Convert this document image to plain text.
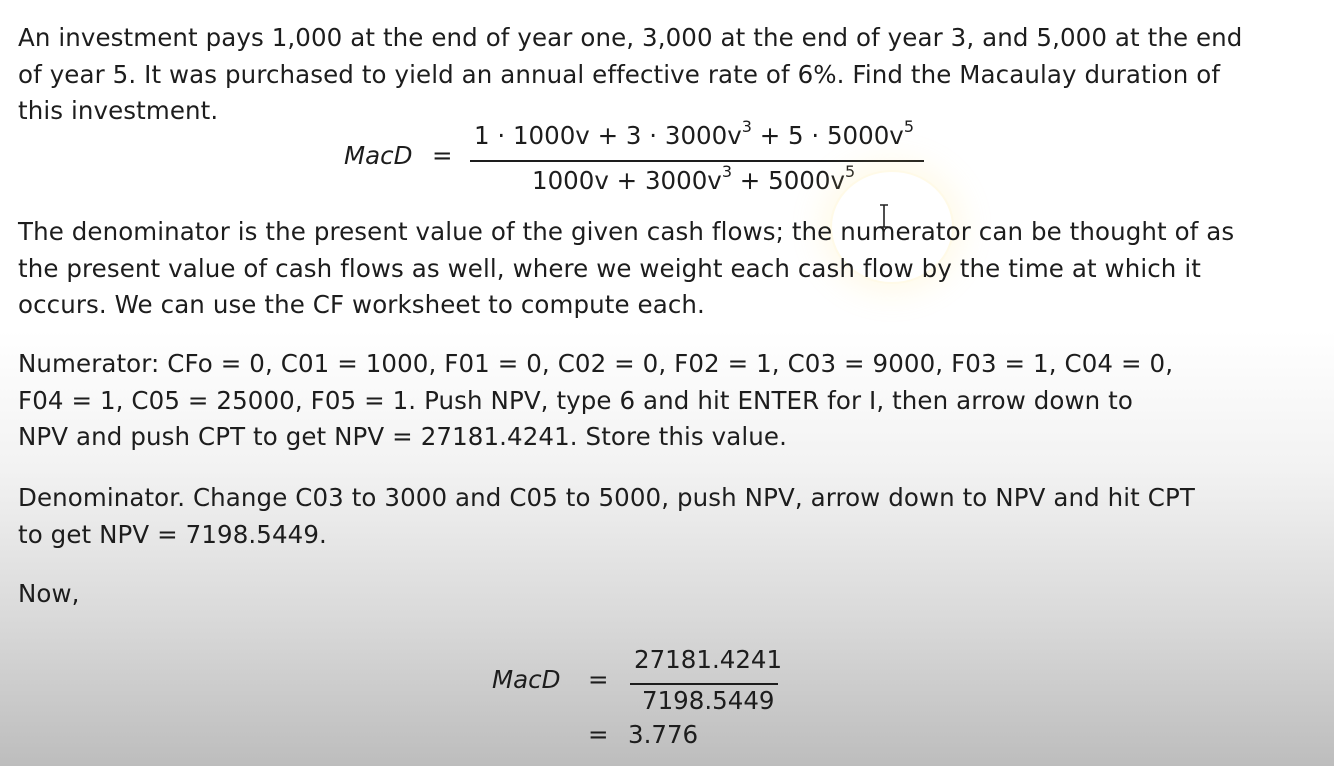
An investment pays 1,000 at the end of year one, 3,000 at the end of year 3, and 5,000 at the end
of year 5. It was purchased to yield an annual effective rate of 6%. Find the Macaulay duration of
this investment.
MacD =
$1 \cdot 1000v + 3 \cdot 3000v^3 + 5 \cdot 5000v^5$
$1000v + 3000v^3 + 5000v^5$
The denominator is the present value of the given cash flows; the numerator can be thought of as
the present value of cash flows as well, where we weight each cash flow by the time at which it
occurs. We can use the CF worksheet to compute each.
Numerator: CFo = 0, C01 = 1000, F01 = 0, C02 = 0, F02 = 1, C03 = 9000, F03 = 1, C04 = 0,
F04 = 1, C05 = 25000, F05 = 1. Push NPV, type 6 and hit ENTER for I, then arrow down to
NPV and push CPT to get NPV = 27181.4241. Store this value.
Denominator. Change C03 to 3000 and C05 to 5000, push NPV, arrow down to NPV and hit CPT
to get NPV = 7198.5449.
Now,
MacD =
27181.4241
7198.5449
= 3.776
